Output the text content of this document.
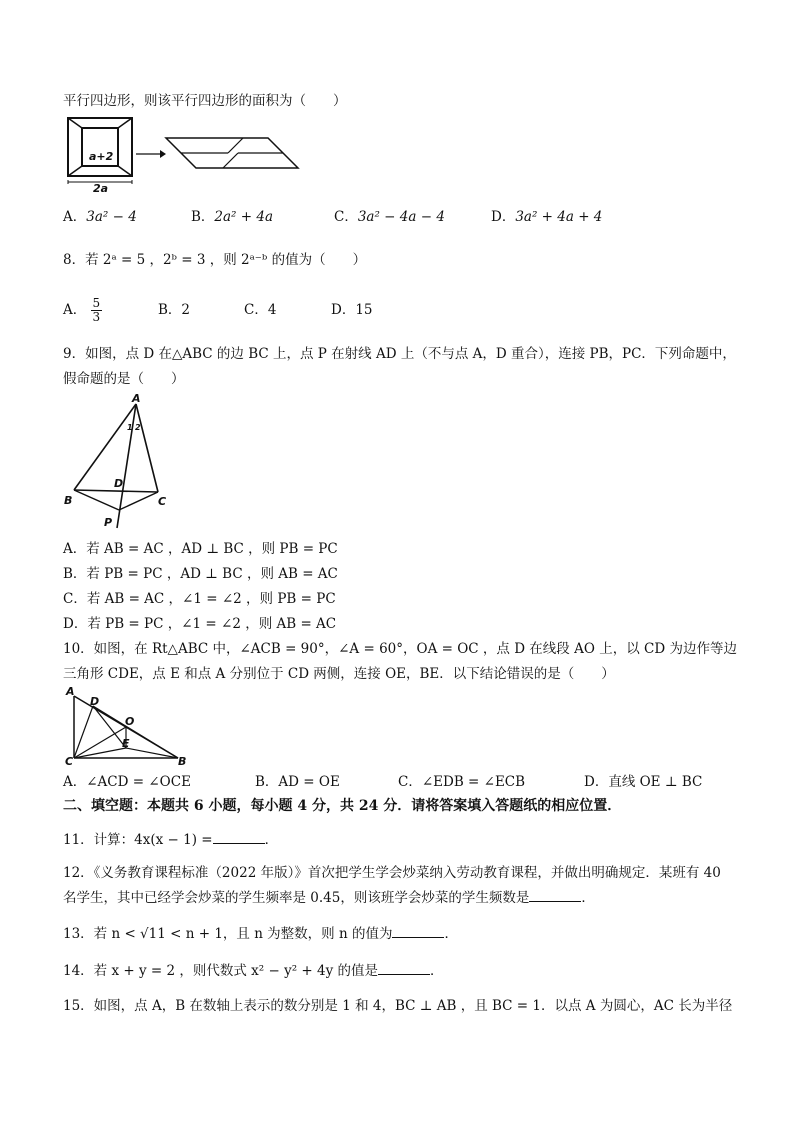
平行四边形，则该平行四边形的面积为（　　）
a+2
2a
A．3a² − 4	B．2a² + 4a	C．3a² − 4a − 4	D．3a² + 4a + 4
8．若 2ᵃ = 5 ，2ᵇ = 3 ，则 2ᵃ⁻ᵇ 的值为（　　）
A． $\frac{5}{3}$	B．2	C．4	D．15
9．如图，点 D 在△ABC 的边 BC 上，点 P 在射线 AD 上（不与点 A，D 重合），连接 PB，PC．下列命题中，
假命题的是（　　）
A
1 2
D
B	C
P
A．若 AB = AC ，AD ⊥ BC ，则 PB = PC
B．若 PB = PC ，AD ⊥ BC ，则 AB = AC
C．若 AB = AC ，∠1 = ∠2 ，则 PB = PC
D．若 PB = PC ，∠1 = ∠2 ，则 AB = AC
10．如图，在 Rt△ABC 中，∠ACB = 90°，∠A = 60°，OA = OC ，点 D 在线段 AO 上，以 CD 为边作等边
三角形 CDE，点 E 和点 A 分别位于 CD 两侧，连接 OE，BE．以下结论错误的是（　　）
A
D
O
E
C	B
A．∠ACD = ∠OCE	B．AD = OE	C．∠EDB = ∠ECB	D．直线 OE ⊥ BC
二、填空题：本题共 6 小题，每小题 4 分，共 24 分．请将答案填入答题纸的相应位置．
11．计算：4x(x − 1) =	．
12．《义务教育课程标准（2022 年版）》首次把学生学会炒菜纳入劳动教育课程，并做出明确规定．某班有 40
名学生，其中已经学会炒菜的学生频率是 0.45，则该班学会炒菜的学生频数是	．
13．若 n < √11 < n + 1，且 n 为整数，则 n 的值为	．
14．若 x + y = 2 ，则代数式 x² − y² + 4y 的值是	．
15．如图，点 A，B 在数轴上表示的数分别是 1 和 4，BC ⊥ AB ，且 BC = 1．以点 A 为圆心，AC 长为半径
